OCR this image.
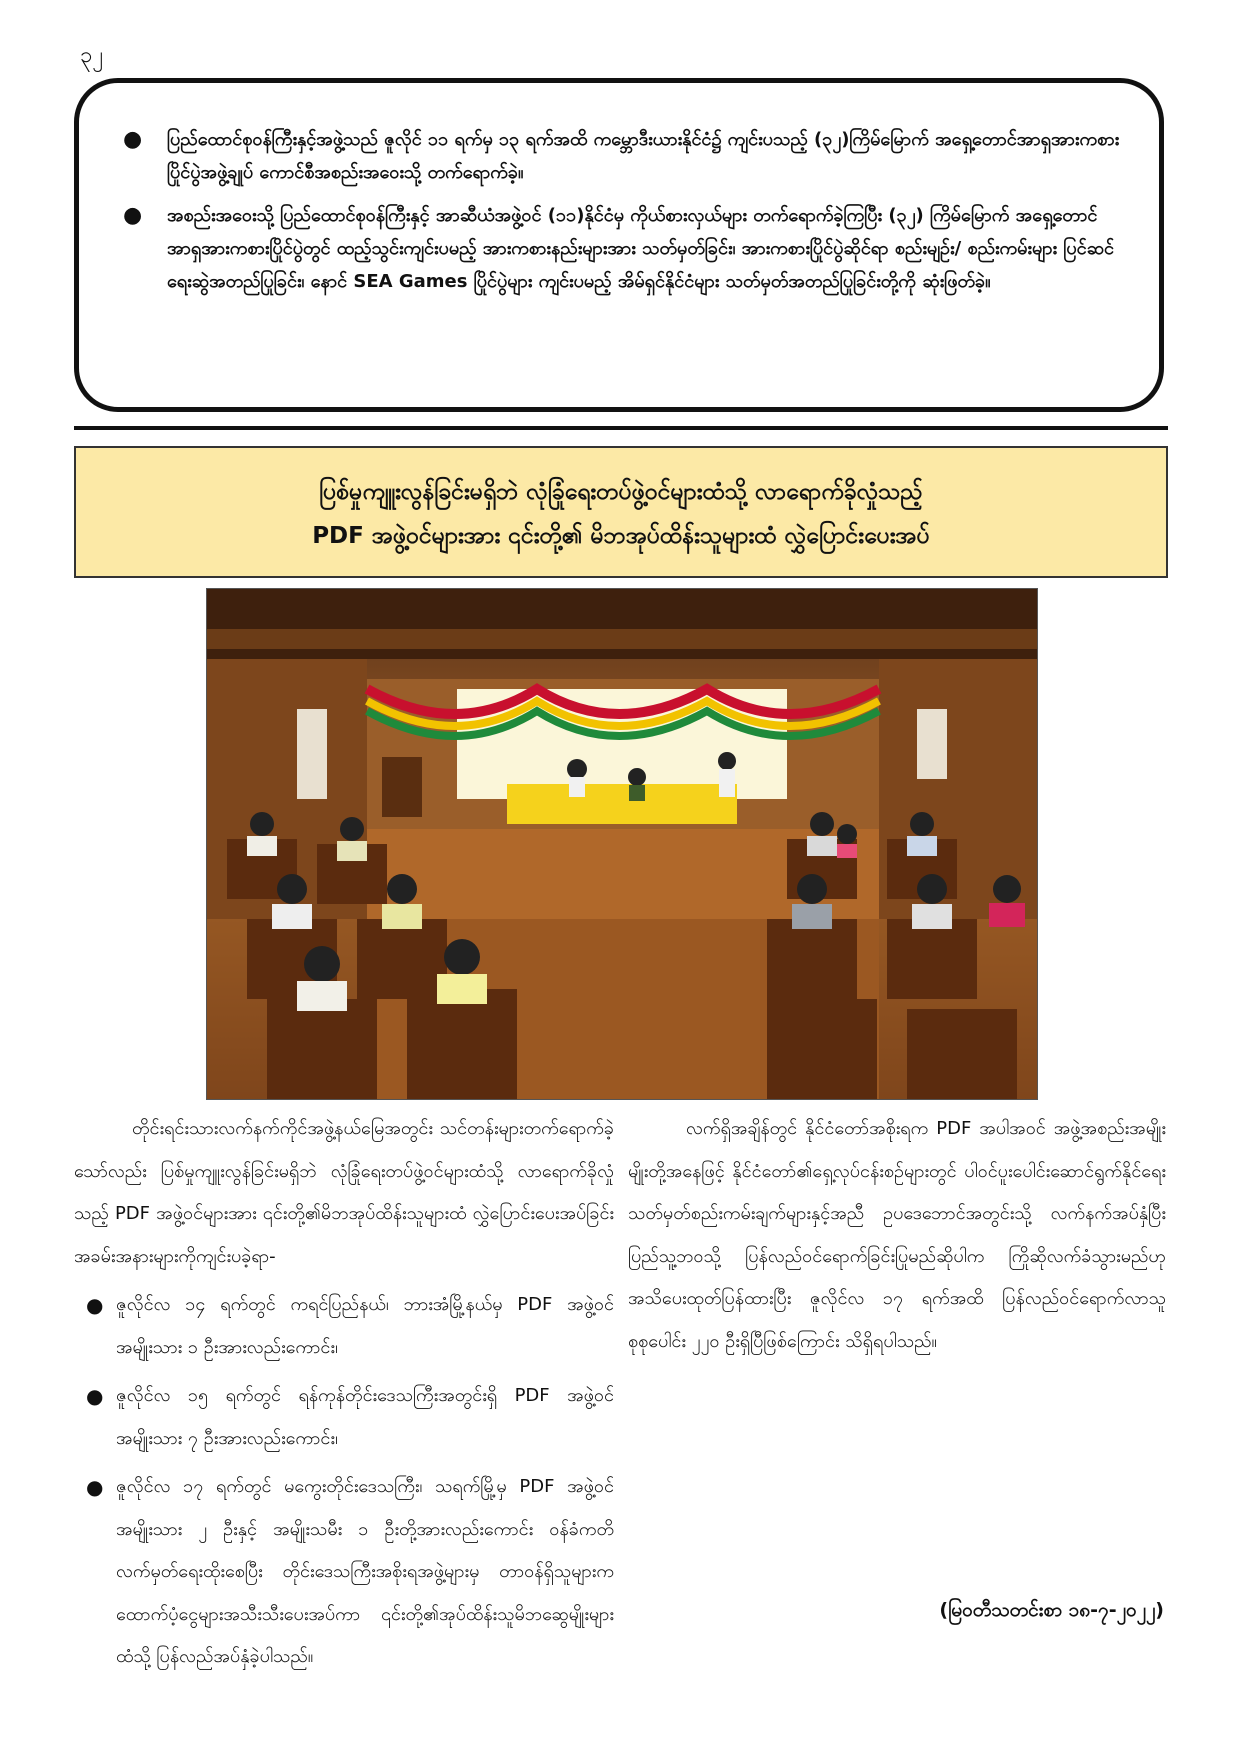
၃၂
● ပြည်ထောင်စုဝန်ကြီးနှင့်အဖွဲ့သည် ဇူလိုင် ၁၁ ရက်မှ ၁၃ ရက်အထိ ကမ္ဘောဒီးယားနိုင်ငံ၌ ကျင်းပသည့် (၃၂)ကြိမ်မြောက် အရှေ့တောင်အာရှအားကစားပြိုင်ပွဲအဖွဲ့ချုပ် ကောင်စီအစည်းအဝေးသို့ တက်ရောက်ခဲ့။
● အစည်းအဝေးသို့ ပြည်ထောင်စုဝန်ကြီးနှင့် အာဆီယံအဖွဲ့ဝင် (၁၁)နိုင်ငံမှ ကိုယ်စားလှယ်များ တက်ရောက်ခဲ့ကြပြီး (၃၂) ကြိမ်မြောက် အရှေ့တောင်အာရှအားကစားပြိုင်ပွဲတွင် ထည့်သွင်းကျင်းပမည့် အားကစားနည်းများအား သတ်မှတ်ခြင်း၊ အားကစားပြိုင်ပွဲဆိုင်ရာ စည်းမျဉ်း/ စည်းကမ်းများ ပြင်ဆင်ရေးဆွဲအတည်ပြုခြင်း၊ နောင် SEA Games ပြိုင်ပွဲများ ကျင်းပမည့် အိမ်ရှင်နိုင်ငံများ သတ်မှတ်အတည်ပြုခြင်းတို့ကို ဆုံးဖြတ်ခဲ့။
ပြစ်မှုကျူးလွန်ခြင်းမရှိဘဲ လုံခြုံရေးတပ်ဖွဲ့ဝင်များထံသို့ လာရောက်ခိုလှုံသည့်
PDF အဖွဲ့ဝင်များအား ၎င်းတို့၏ မိဘအုပ်ထိန်းသူများထံ လွှဲပြောင်းပေးအပ်

တိုင်းရင်းသားလက်နက်ကိုင်အဖွဲ့နယ်မြေအတွင်း သင်တန်းများတက်ရောက်ခဲ့သော်လည်း ပြစ်မှုကျူးလွန်ခြင်းမရှိဘဲ လုံခြုံရေးတပ်ဖွဲ့ဝင်များထံသို့ လာရောက်ခိုလှုံသည့် PDF အဖွဲ့ဝင်များအား ၎င်းတို့၏မိဘအုပ်ထိန်းသူများထံ လွှဲပြောင်းပေးအပ်ခြင်းအခမ်းအနားများကိုကျင်းပခဲ့ရာ-

● ဇူလိုင်လ ၁၄ ရက်တွင် ကရင်ပြည်နယ်၊ ဘားအံမြို့နယ်မှ PDF အဖွဲ့ဝင် အမျိုးသား ၁ ဦးအားလည်းကောင်း၊
● ဇူလိုင်လ ၁၅ ရက်တွင် ရန်ကုန်တိုင်းဒေသကြီးအတွင်းရှိ PDF အဖွဲ့ဝင် အမျိုးသား ၇ ဦးအားလည်းကောင်း၊
● ဇူလိုင်လ ၁၇ ရက်တွင် မကွေးတိုင်းဒေသကြီး၊ သရက်မြို့မှ PDF အဖွဲ့ဝင် အမျိုးသား ၂ ဦးနှင့် အမျိုးသမီး ၁ ဦးတို့အားလည်းကောင်း ဝန်ခံကတိလက်မှတ်ရေးထိုးစေပြီး တိုင်းဒေသကြီးအစိုးရအဖွဲ့များမှ တာဝန်ရှိသူများက ထောက်ပံ့ငွေများအသီးသီးပေးအပ်ကာ ၎င်းတို့၏အုပ်ထိန်းသူမိဘဆွေမျိုးများထံသို့ ပြန်လည်အပ်နှံခဲ့ပါသည်။

လက်ရှိအချိန်တွင် နိုင်ငံတော်အစိုးရက PDF အပါအဝင် အဖွဲ့အစည်းအမျိုးမျိုးတို့အနေဖြင့် နိုင်ငံတော်၏ရှေ့လုပ်ငန်းစဉ်များတွင် ပါဝင်ပူးပေါင်းဆောင်ရွက်နိုင်ရေး သတ်မှတ်စည်းကမ်းချက်များနှင့်အညီ ဥပဒေဘောင်အတွင်းသို့ လက်နက်အပ်နှံပြီး ပြည်သူ့ဘဝသို့ ပြန်လည်ဝင်ရောက်ခြင်းပြုမည်ဆိုပါက ကြိုဆိုလက်ခံသွားမည်ဟု အသိပေးထုတ်ပြန်ထားပြီး ဇူလိုင်လ ၁၇ ရက်အထိ ပြန်လည်ဝင်ရောက်လာသူ စုစုပေါင်း ၂၂၀ ဦးရှိပြီဖြစ်ကြောင်း သိရှိရပါသည်။

(မြဝတီသတင်းစာ ၁၈-၇-၂၀၂၂)
